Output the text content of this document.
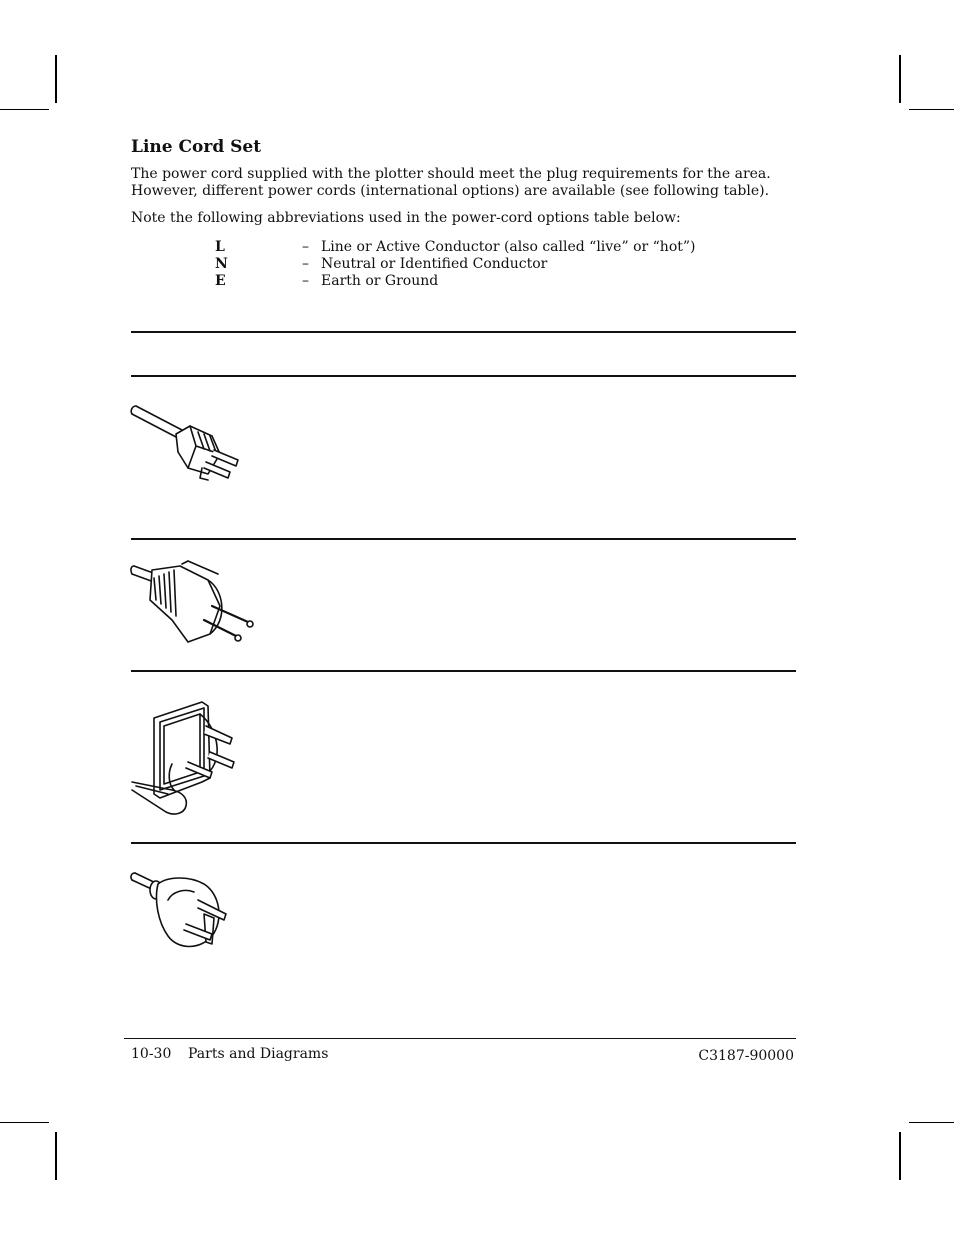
Line Cord Set

The power cord supplied with the plotter should meet the plug requirements for the area. However, different power cords (international options) are available (see following table).

Note the following abbreviations used in the power-cord options table below:

L	– Line or Active Conductor (also called “live” or “hot”)
N	– Neutral or Identified Conductor
E	– Earth or Ground
10-30 Parts and Diagrams	C3187-90000
